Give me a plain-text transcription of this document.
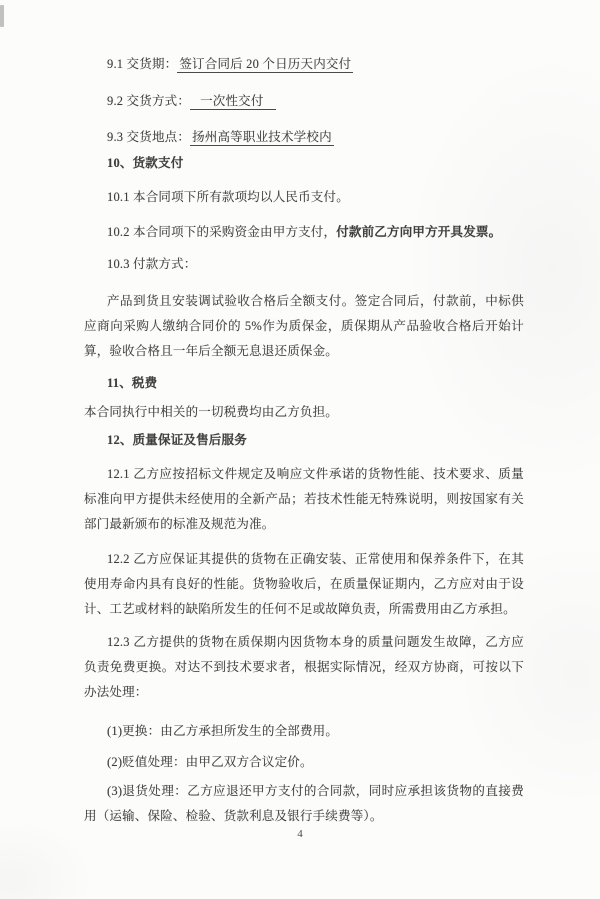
9.1 交货期： 签订合同后 20 个日历天内交付

9.2 交货方式： 一次性交付

9.3 交货地点： 扬州高等职业技术学校内

10、货款支付

10.1 本合同项下所有款项均以人民币支付。

10.2 本合同项下的采购资金由甲方支付，付款前乙方向甲方开具发票。

10.3 付款方式：

产品到货且安装调试验收合格后全额支付。签定合同后，付款前，中标供应商向采购人缴纳合同价的 5%作为质保金，质保期从产品验收合格后开始计算，验收合格且一年后全额无息退还质保金。

11、税费

本合同执行中相关的一切税费均由乙方负担。

12、质量保证及售后服务

12.1 乙方应按招标文件规定及响应文件承诺的货物性能、技术要求、质量标准向甲方提供未经使用的全新产品；若技术性能无特殊说明，则按国家有关部门最新颁布的标准及规范为准。

12.2 乙方应保证其提供的货物在正确安装、正常使用和保养条件下，在其使用寿命内具有良好的性能。货物验收后，在质量保证期内，乙方应对由于设计、工艺或材料的缺陷所发生的任何不足或故障负责，所需费用由乙方承担。

12.3 乙方提供的货物在质保期内因货物本身的质量问题发生故障，乙方应负责免费更换。对达不到技术要求者，根据实际情况，经双方协商，可按以下办法处理：

(1)更换：由乙方承担所发生的全部费用。

(2)贬值处理：由甲乙双方合议定价。

(3)退货处理：乙方应退还甲方支付的合同款，同时应承担该货物的直接费用（运输、保险、检验、货款利息及银行手续费等）。

4
